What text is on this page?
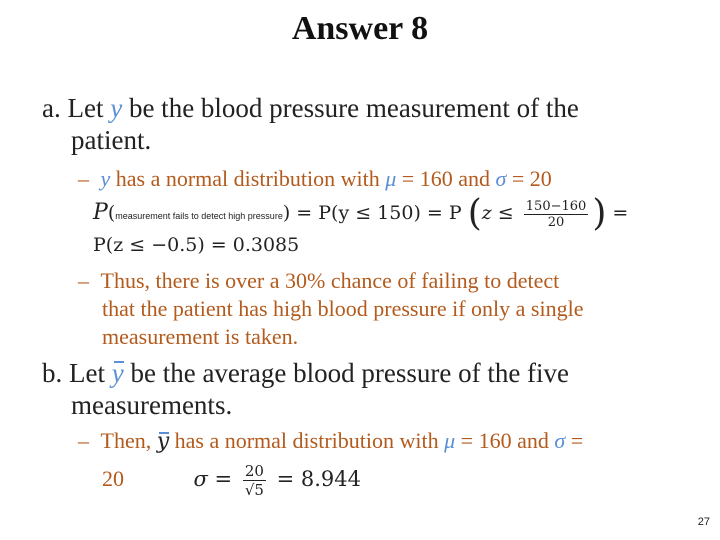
Answer 8
a. Let y be the blood pressure measurement of the
patient.
– y has a normal distribution with μ = 160 and σ = 20
P(measurement fails to detect high pressure) = P(y ≤ 150) = P ($z \le \frac{150-160}{20}$ ) =
P(z ≤ −0.5) = 0.3085
– Thus, there is over a 30% chance of failing to detect
that the patient has high blood pressure if only a single
measurement is taken.
b. Let y be the average blood pressure of the five
measurements.
– Then, y has a normal distribution with μ = 160 and σ =
20	$\sigma = \frac{20}{√5} = 8.944$
27
